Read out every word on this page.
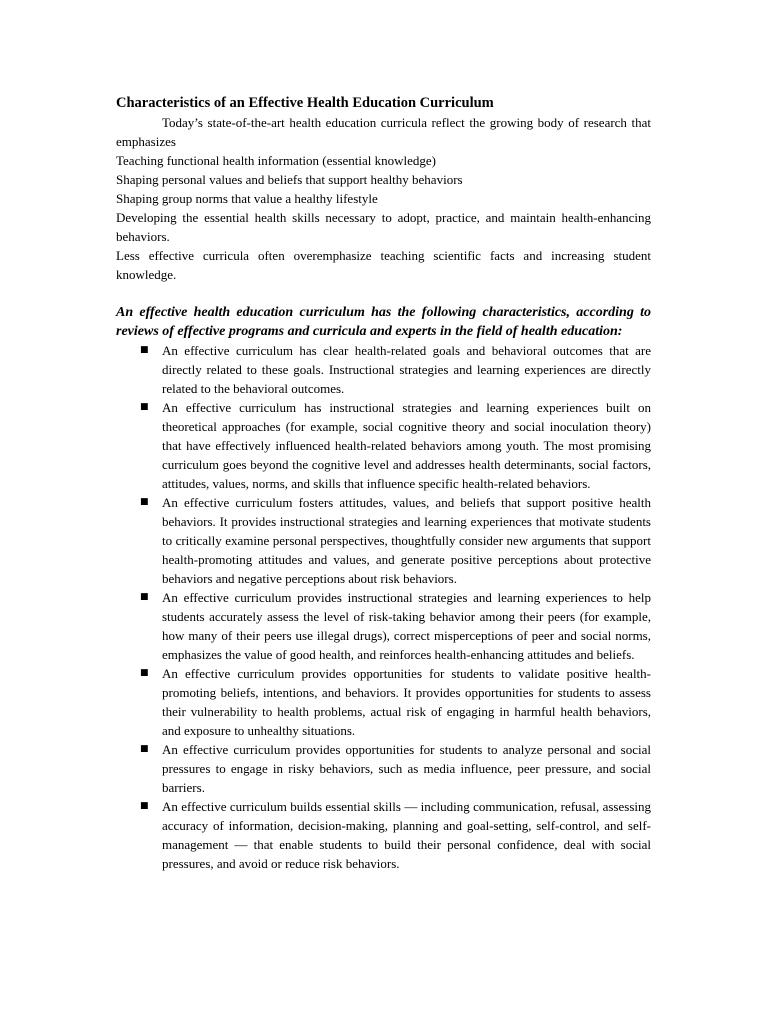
Characteristics of an Effective Health Education Curriculum

Today’s state-of-the-art health education curricula reflect the growing body of research that emphasizes

Teaching functional health information (essential knowledge)

Shaping personal values and beliefs that support healthy behaviors

Shaping group norms that value a healthy lifestyle

Developing the essential health skills necessary to adopt, practice, and maintain health-enhancing behaviors.

Less effective curricula often overemphasize teaching scientific facts and increasing student knowledge.

An effective health education curriculum has the following characteristics, according to reviews of effective programs and curricula and experts in the field of health education:

■ An effective curriculum has clear health-related goals and behavioral outcomes that are directly related to these goals. Instructional strategies and learning experiences are directly related to the behavioral outcomes.
■ An effective curriculum has instructional strategies and learning experiences built on theoretical approaches (for example, social cognitive theory and social inoculation theory) that have effectively influenced health-related behaviors among youth. The most promising curriculum goes beyond the cognitive level and addresses health determinants, social factors, attitudes, values, norms, and skills that influence specific health-related behaviors.
■ An effective curriculum fosters attitudes, values, and beliefs that support positive health behaviors. It provides instructional strategies and learning experiences that motivate students to critically examine personal perspectives, thoughtfully consider new arguments that support health-promoting attitudes and values, and generate positive perceptions about protective behaviors and negative perceptions about risk behaviors.
■ An effective curriculum provides instructional strategies and learning experiences to help students accurately assess the level of risk-taking behavior among their peers (for example, how many of their peers use illegal drugs), correct misperceptions of peer and social norms, emphasizes the value of good health, and reinforces health-enhancing attitudes and beliefs.
■ An effective curriculum provides opportunities for students to validate positive health-promoting beliefs, intentions, and behaviors. It provides opportunities for students to assess their vulnerability to health problems, actual risk of engaging in harmful health behaviors, and exposure to unhealthy situations.
■ An effective curriculum provides opportunities for students to analyze personal and social pressures to engage in risky behaviors, such as media influence, peer pressure, and social barriers.
■ An effective curriculum builds essential skills — including communication, refusal, assessing accuracy of information, decision-making, planning and goal-setting, self-control, and self-management — that enable students to build their personal confidence, deal with social pressures, and avoid or reduce risk behaviors.
